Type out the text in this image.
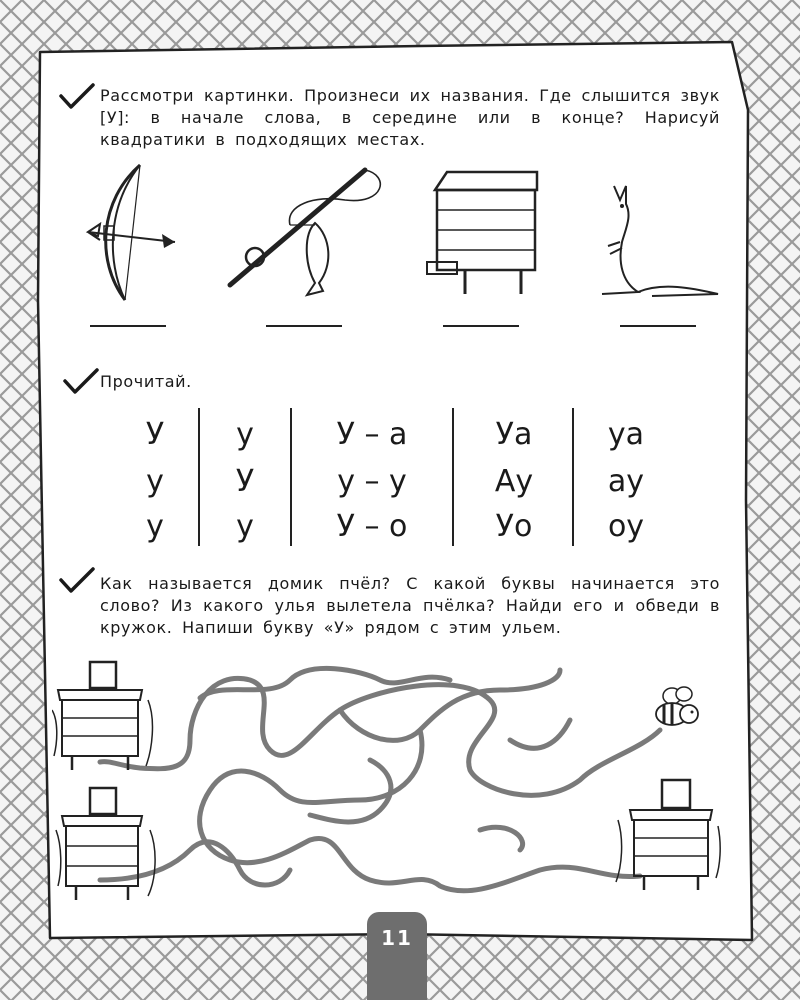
Рассмотри картинки. Произнеси их названия. Где слышится звук [У]: в начале слова, в середине или в конце? Нарисуй квадратики в подходящих местах.
Прочитай.
У
у
у
у
У
у
У – а
у – у
У – о
Уа
Ау
Уо
уа
ау
оу
Как называется домик пчёл? С какой буквы начинается это слово? Из какого улья вылетела пчёлка? Найди его и обведи в кружок. Напиши букву «У» рядом с этим ульем.
11
